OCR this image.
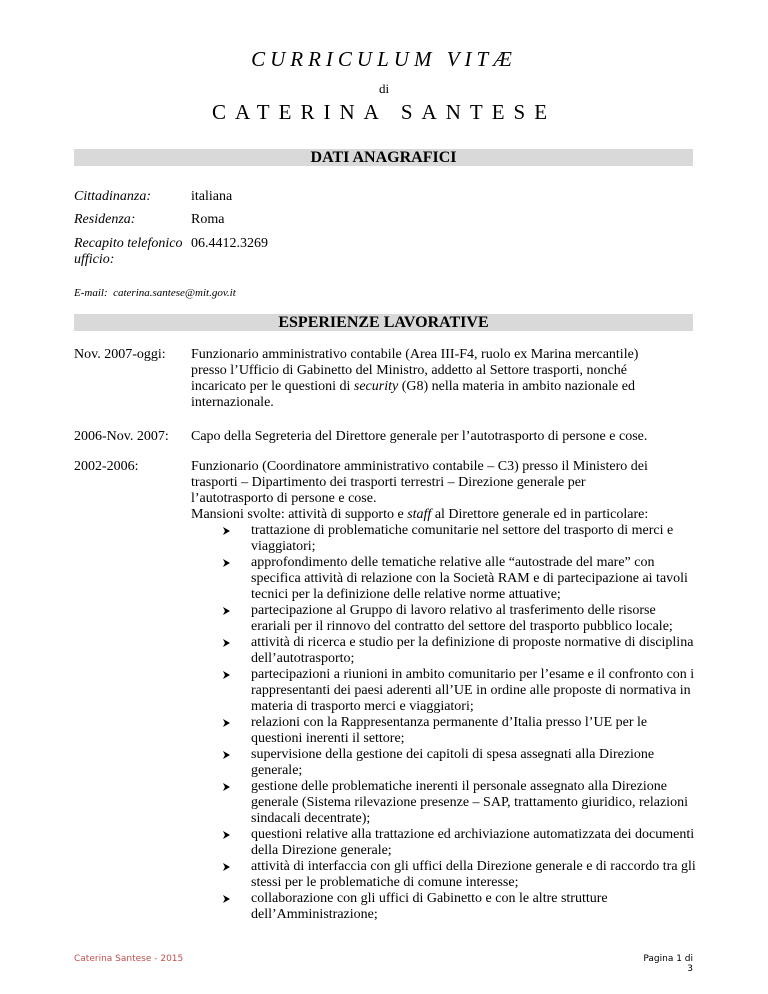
CURRICULUM VITÆ
di
CATERINA SANTESE
DATI ANAGRAFICI
Cittadinanza:	italiana
Residenza:	Roma
Recapito telefonico
ufficio:
06.4412.3269
E-mail: caterina.santese@mit.gov.it
ESPERIENZE LAVORATIVE
Nov. 2007-oggi: Funzionario amministrativo contabile (Area III-F4, ruolo ex Marina mercantile)
presso l’Ufficio di Gabinetto del Ministro, addetto al Settore trasporti, nonché
incaricato per le questioni di security (G8) nella materia in ambito nazionale ed
internazionale.
2006-Nov. 2007: Capo della Segreteria del Direttore generale per l’autotrasporto di persone e cose.
2002-2006:	Funzionario (Coordinatore amministrativo contabile – C3) presso il Ministero dei
trasporti – Dipartimento dei trasporti terrestri – Direzione generale per
l’autotrasporto di persone e cose.
Mansioni svolte: attività di supporto e staff al Direttore generale ed in particolare:
trattazione di problematiche comunitarie nel settore del trasporto di merci e viaggiatori;
approfondimento delle tematiche relative alle “autostrade del mare” con specifica attività di relazione con la Società RAM e di partecipazione ai tavoli tecnici per la definizione delle relative norme attuative;
partecipazione al Gruppo di lavoro relativo al trasferimento delle risorse erariali per il rinnovo del contratto del settore del trasporto pubblico locale;
attività di ricerca e studio per la definizione di proposte normative di disciplina dell’autotrasporto;
partecipazioni a riunioni in ambito comunitario per l’esame e il confronto con i rappresentanti dei paesi aderenti all’UE in ordine alle proposte di normativa in materia di trasporto merci e viaggiatori;
relazioni con la Rappresentanza permanente d’Italia presso l’UE per le questioni inerenti il settore;
supervisione della gestione dei capitoli di spesa assegnati alla Direzione generale;
gestione delle problematiche inerenti il personale assegnato alla Direzione generale (Sistema rilevazione presenze – SAP, trattamento giuridico, relazioni sindacali decentrate);
questioni relative alla trattazione ed archiviazione automatizzata dei documenti della Direzione generale;
attività di interfaccia con gli uffici della Direzione generale e di raccordo tra gli stessi per le problematiche di comune interesse;
collaborazione con gli uffici di Gabinetto e con le altre strutture dell’Amministrazione;
Caterina Santese - 2015	Pagina 1 di 3
